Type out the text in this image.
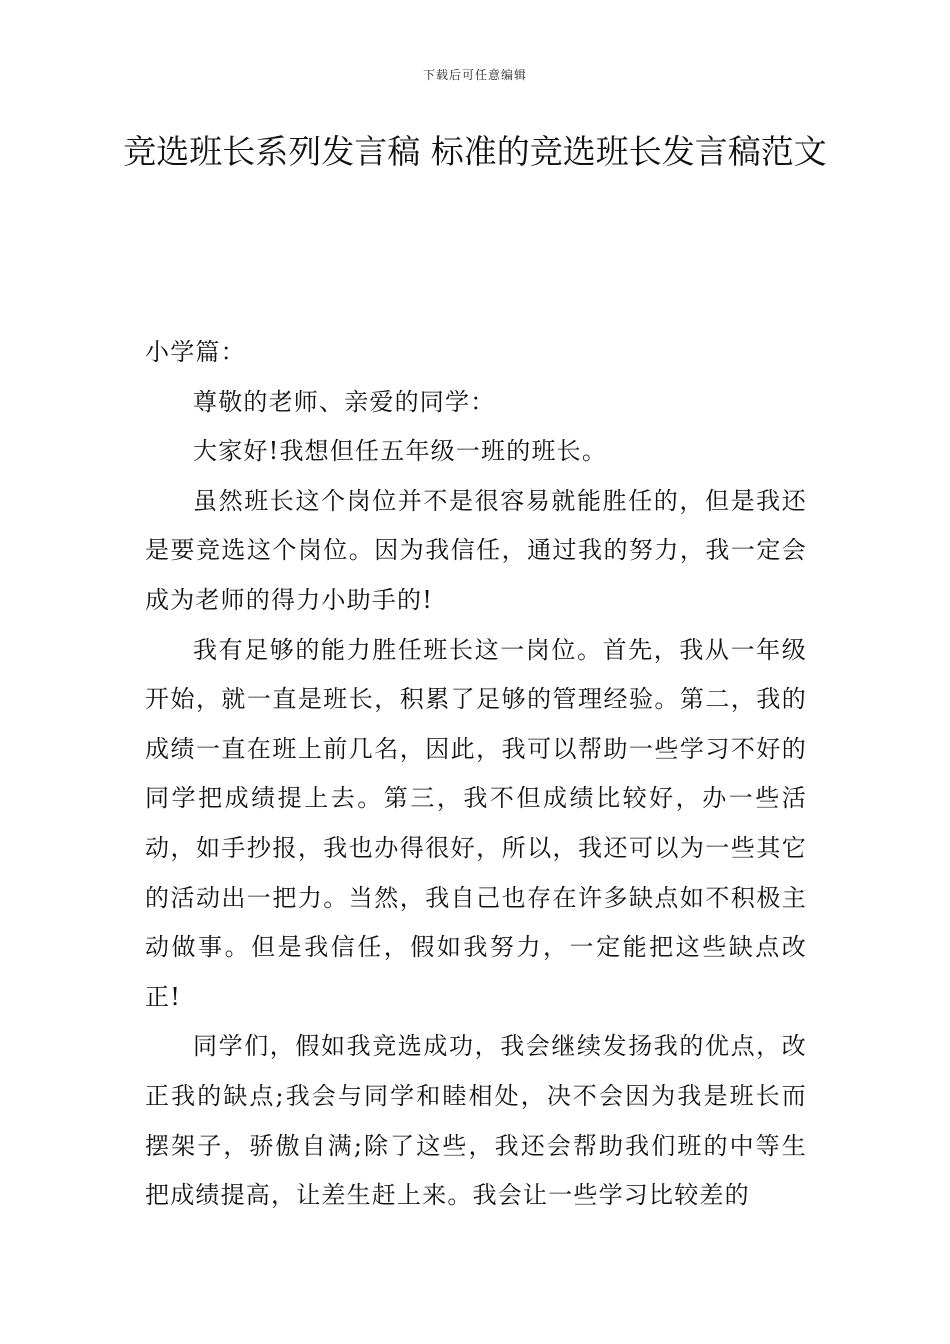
下载后可任意编辑
竞选班长系列发言稿 标准的竞选班长发言稿范文

小学篇：

尊敬的老师、亲爱的同学：

大家好!我想但任五年级一班的班长。

虽然班长这个岗位并不是很容易就能胜任的，但是我还是要竞选这个岗位。因为我信任，通过我的努力，我一定会成为老师的得力小助手的!

我有足够的能力胜任班长这一岗位。首先，我从一年级开始，就一直是班长，积累了足够的管理经验。第二，我的成绩一直在班上前几名，因此，我可以帮助一些学习不好的同学把成绩提上去。第三，我不但成绩比较好，办一些活动，如手抄报，我也办得很好，所以，我还可以为一些其它的活动出一把力。当然，我自己也存在许多缺点如不积极主动做事。但是我信任，假如我努力，一定能把这些缺点改正!

同学们，假如我竞选成功，我会继续发扬我的优点，改正我的缺点;我会与同学和睦相处，决不会因为我是班长而摆架子，骄傲自满;除了这些，我还会帮助我们班的中等生把成绩提高，让差生赶上来。我会让一些学习比较差的
